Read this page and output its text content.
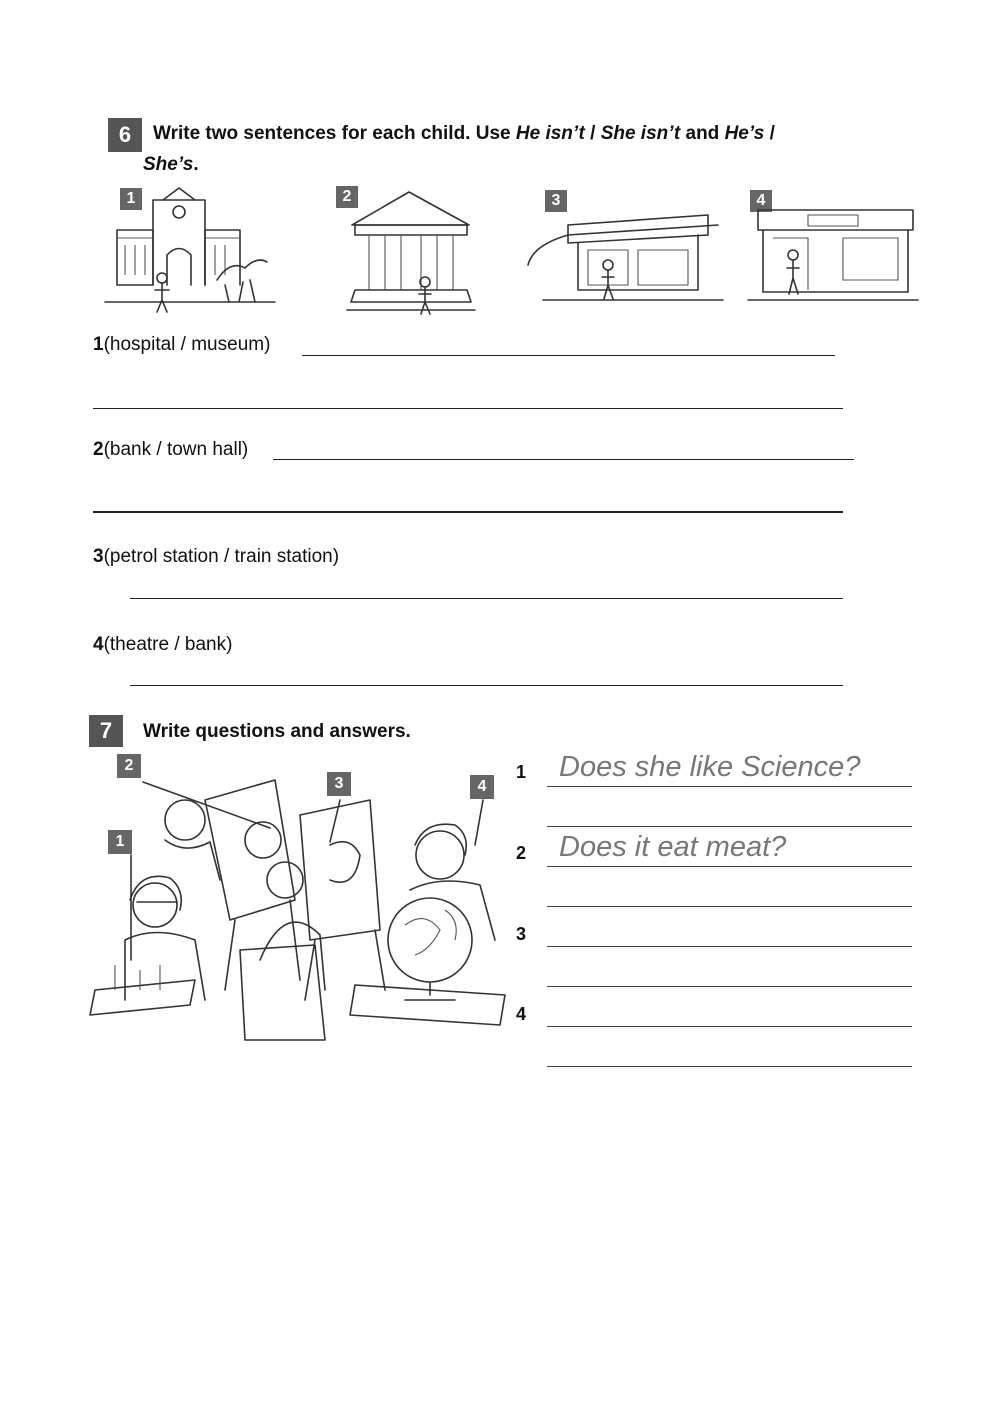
6	Write two sentences for each child. Use He isn’t / She isn’t and He’s /
She’s.
1	2	3	4
1(hospital / museum)
2(bank / town hall)
3(petrol station / train station)
4(theatre / bank)
7	Write questions and answers.
1
2
3	4
1 Does she like Science?
2 Does it eat meat?
3
4
